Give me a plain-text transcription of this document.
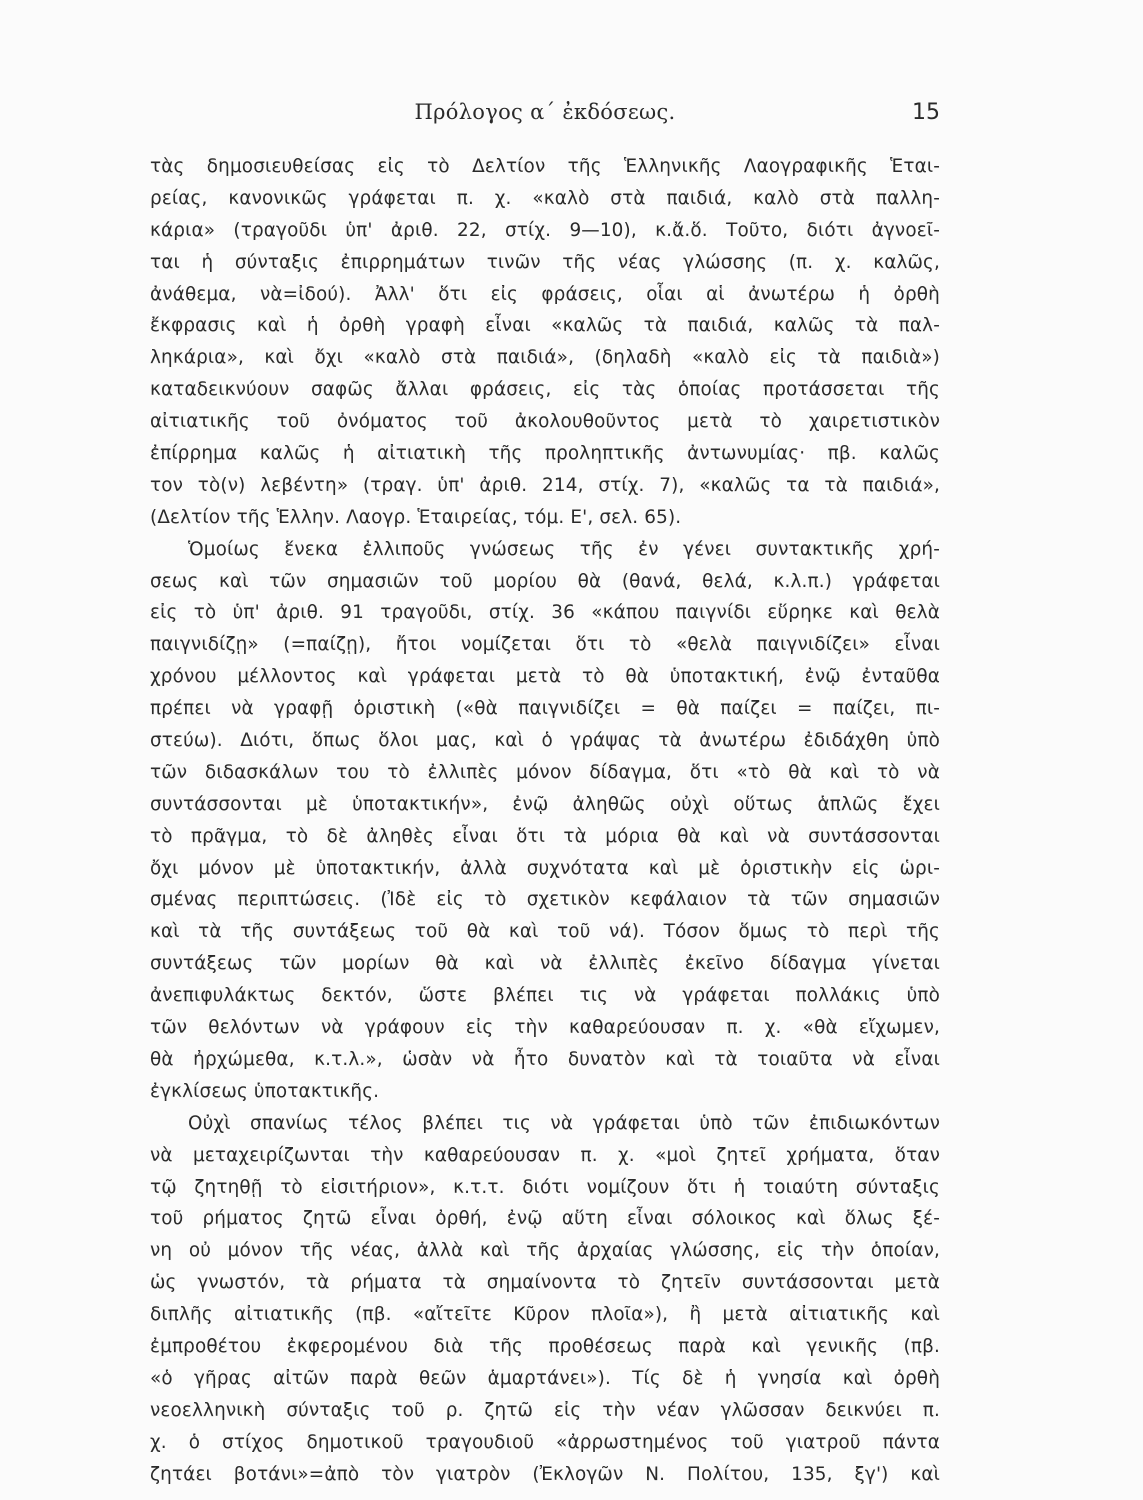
Πρόλογος α΄ ἐκδόσεως.	15
τὰς δημοσιευθείσας εἰς τὸ Δελτίον τῆς Ἑλληνικῆς Λαογραφικῆς Ἑται-
ρείας, κανονικῶς γράφεται π. χ. «καλὸ στὰ παιδιά, καλὸ στὰ παλλη-
κάρια» (τραγοῦδι ὑπ' ἀριθ. 22, στίχ. 9—10), κ.ἄ.ὅ. Τοῦτο, διότι ἀγνοεῖ-
ται ἡ σύνταξις ἐπιρρημάτων τινῶν τῆς νέας γλώσσης (π. χ. καλῶς,
ἀνάθεμα, νὰ=ἰδού). Ἀλλ' ὅτι εἰς φράσεις, οἷαι αἱ ἀνωτέρω ἡ ὀρθὴ
ἔκφρασις καὶ ἡ ὀρθὴ γραφὴ εἶναι «καλῶς τὰ παιδιά, καλῶς τὰ παλ-
ληκάρια», καὶ ὄχι «καλὸ στὰ παιδιά», (δηλαδὴ «καλὸ εἰς τὰ παιδιὰ»)
καταδεικνύουν σαφῶς ἄλλαι φράσεις, εἰς τὰς ὁποίας προτάσσεται τῆς
αἰτιατικῆς τοῦ ὀνόματος τοῦ ἀκολουθοῦντος μετὰ τὸ χαιρετιστικὸν
ἐπίρρημα καλῶς ἡ αἰτιατικὴ τῆς προληπτικῆς ἀντωνυμίας· πβ. καλῶς
τον τὸ(ν) λεβέντη» (τραγ. ὑπ' ἀριθ. 214, στίχ. 7), «καλῶς τα τὰ παιδιά»,
(Δελτίον τῆς Ἑλλην. Λαογρ. Ἑταιρείας, τόμ. Ε', σελ. 65).
Ὁμοίως ἕνεκα ἐλλιποῦς γνώσεως τῆς ἐν γένει συντακτικῆς χρή-
σεως καὶ τῶν σημασιῶν τοῦ μορίου θὰ (θανά, θελά, κ.λ.π.) γράφεται
εἰς τὸ ὑπ' ἀριθ. 91 τραγοῦδι, στίχ. 36 «κάπου παιγνίδι εὕρηκε καὶ θελὰ
παιγνιδίζῃ» (=παίζῃ), ἤτοι νομίζεται ὅτι τὸ «θελὰ παιγνιδίζει» εἶναι
χρόνου μέλλοντος καὶ γράφεται μετὰ τὸ θὰ ὑποτακτική, ἐνῷ ἐνταῦθα
πρέπει νὰ γραφῇ ὁριστικὴ («θὰ παιγνιδίζει = θὰ παίζει = παίζει, πι-
στεύω). Διότι, ὅπως ὅλοι μας, καὶ ὁ γράψας τὰ ἀνωτέρω ἐδιδάχθη ὑπὸ
τῶν διδασκάλων του τὸ ἐλλιπὲς μόνον δίδαγμα, ὅτι «τὸ θὰ καὶ τὸ νὰ
συντάσσονται μὲ ὑποτακτικήν», ἐνῷ ἀληθῶς οὐχὶ οὕτως ἁπλῶς ἔχει
τὸ πρᾶγμα, τὸ δὲ ἀληθὲς εἶναι ὅτι τὰ μόρια θὰ καὶ νὰ συντάσσονται
ὄχι μόνον μὲ ὑποτακτικήν, ἀλλὰ συχνότατα καὶ μὲ ὁριστικὴν εἰς ὡρι-
σμένας περιπτώσεις. (Ἰδὲ εἰς τὸ σχετικὸν κεφάλαιον τὰ τῶν σημασιῶν
καὶ τὰ τῆς συντάξεως τοῦ θὰ καὶ τοῦ νά). Τόσον ὅμως τὸ περὶ τῆς
συντάξεως τῶν μορίων θὰ καὶ νὰ ἐλλιπὲς ἐκεῖνο δίδαγμα γίνεται
ἀνεπιφυλάκτως δεκτόν, ὥστε βλέπει τις νὰ γράφεται πολλάκις ὑπὸ
τῶν θελόντων νὰ γράφουν εἰς τὴν καθαρεύουσαν π. χ. «θὰ εἴχωμεν,
θὰ ἠρχώμεθα, κ.τ.λ.», ὡσὰν νὰ ἦτο δυνατὸν καὶ τὰ τοιαῦτα νὰ εἶναι
ἐγκλίσεως ὑποτακτικῆς.
Οὐχὶ σπανίως τέλος βλέπει τις νὰ γράφεται ὑπὸ τῶν ἐπιδιωκόντων
νὰ μεταχειρίζωνται τὴν καθαρεύουσαν π. χ. «μοὶ ζητεῖ χρήματα, ὅταν
τῷ ζητηθῇ τὸ εἰσιτήριον», κ.τ.τ. διότι νομίζουν ὅτι ἡ τοιαύτη σύνταξις
τοῦ ρήματος ζητῶ εἶναι ὀρθή, ἐνῷ αὕτη εἶναι σόλοικος καὶ ὅλως ξέ-
νη οὐ μόνον τῆς νέας, ἀλλὰ καὶ τῆς ἀρχαίας γλώσσης, εἰς τὴν ὁποίαν,
ὡς γνωστόν, τὰ ρήματα τὰ σημαίνοντα τὸ ζητεῖν συντάσσονται μετὰ
διπλῆς αἰτιατικῆς (πβ. «αἴτεῖτε Κῦρον πλοῖα»), ἢ μετὰ αἰτιατικῆς καὶ
ἐμπροθέτου ἐκφερομένου διὰ τῆς προθέσεως παρὰ καὶ γενικῆς (πβ.
«ὁ γῆρας αἰτῶν παρὰ θεῶν ἁμαρτάνει»). Τίς δὲ ἡ γνησία καὶ ὀρθὴ
νεοελληνικὴ σύνταξις τοῦ ρ. ζητῶ εἰς τὴν νέαν γλῶσσαν δεικνύει π.
χ. ὁ στίχος δημοτικοῦ τραγουδιοῦ «ἀρρωστημένος τοῦ γιατροῦ πάντα
ζητάει βοτάνι»=ἀπὸ τὸν γιατρὸν (Ἐκλογῶν Ν. Πολίτου, 135, ξγ') καὶ
